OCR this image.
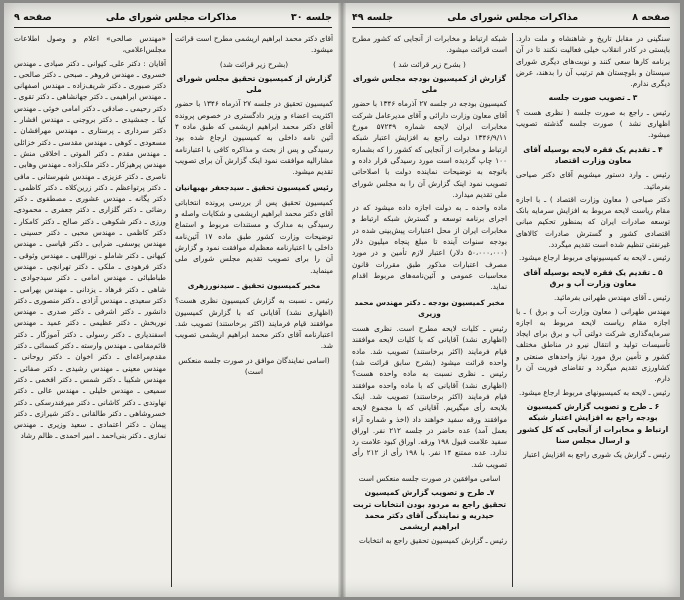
جلسه ۳۰
مذاکرات مجلس شورای ملی
صفحه ۹

آقای دکتر محمد ابراهیم اریشمی مطرح است قرائت میشود.

(بشرح زیر قرائت شد)

گزارش از کمیسیون تحقیق مجلس شورای ملی

کمیسیون تحقیق در جلسه ۲۷ آذرماه ۱۳۴۶ با حضور اکثریت اعضاء و وزیر دادگستری در خصوص پرونده آقای دکتر محمد ابراهیم اریشمی که طبق ماده ۴ آئین نامه داخلی به کمیسیون ارجاع شده بود رسیدگی و پس از بحث و مذاکره کافی با اعتبارنامه مشارالیه موافقت نمود اینک گزارش آن برای تصویب تقدیم میشود.

رئیس کمیسیون تحقیق ـ سید‌جعفر بهبهانیان

کمیسیون تحقیق پس از بررسی پرونده انتخاباتی آقای دکتر محمد ابراهیم اریشمی و شکایات واصله و رسیدگی به مدارک و مستندات مربوط و استماع توضیحات وزارت کشور طبق ماده ۱۷ آئین‌نامه داخلی با اعتبارنامه معظم‌له موافقت نمود و گزارش آن را برای تصویب تقدیم مجلس شورای ملی مینماید.

مخبر کمیسیون تحقیق ـ سید‌نور‌زهری

رئیس ـ نسبت به گزارش کمیسیون نظری هست؟ (اظهاری نشد) آقایانی که با گزارش کمیسیون موافقند قیام فرمایند (اکثر برخاستند) تصویب شد. اعتبارنامه آقای دکتر محمد ابراهیم اریشمی تصویب شد.

(اسامی نمایندگان موافق در صورت جلسه منعکس است)

«مهندس صالحی» اعلام و وصول اطلاعات مجلس‌اعلامی،

آقایان : دکتر علی‌ـ کیوانی ـ دکتر صیادی ـ مهندس خسروی ـ مهندس فروهر ـ صبحی ـ دکتر صالحی ـ دکتر صبوری ـ دکتر شریف‌زاده ـ مهندس اصفهانی ـ مهندس ابراهیمی ـ دکتر جهانشاهی ـ دکتر تقوی ـ دکتر رحیمی ـ صادقی ـ دکتر امامی خوئی ـ مهندس کیا ـ جمشیدی ـ دکتر بروجنی ـ مهندس افشار ـ دکتر سرداری ـ پرستاری ـ مهندس مهرافشان ـ مسعودی ـ کوهی ـ مهندس مقدسی ـ دکتر خزائلی ـ مهندس مقدم ـ دکتر الموتی ـ اخلاقی منش ـ مهندس پرهیزکار ـ دکتر ملک‌زاده ـ مهندس وهابی ـ ناصری ـ دکتر عزیزی ـ مهندس شهرستانی ـ مافی ـ دکتر پرتو‌اعظم ـ دکتر زرین‌کلاه ـ دکتر کاظمی ـ دکتر یگانه ـ مهندس عشوری ـ مصطفوی ـ دکتر رضائی ـ دکتر گلزاری ـ دکتر جعفری ـ محمودی‌ـ ورزی ـ دکتر شکوهی ـ دکتر صالح ـ دکتر کامکار ـ دکتر کاظمی ـ مهندس محبی ـ دکتر حسینی ـ مهندس یوسفی‌ـ ضرابی ـ دکتر قیاسی ـ مهندس کیهانی ـ دکتر شاملو ـ نوراللهی ـ مهندس وثوقی ـ دکتر فرهودی ـ ملکی ـ دکتر تهرانچی ـ مهندس طباطبائی ـ مهندس امامی ـ دکتر سیدجوادی ـ شاهی ـ دکتر فرهاد ـ یزدانی ـ مهندس بهرامی ـ دکتر سعیدی ـ مهندس آزادی ـ دکتر منصوری ـ دکتر دانشور ـ دکتر اشرفی ـ دکتر صدری ـ مهندس نوربخش ـ دکتر عظیمی ـ دکتر عمید ـ مهندس اسفندیاری ـ دکتر رسولی ـ دکتر آموزگار ـ دکتر قائم‌مقامی ـ مهندس وارسته ـ دکتر کسمائی ـ دکتر مقدم‌مراغه‌ای ـ دکتر اخوان ـ دکتر روحانی ـ مهندس معینی ـ مهندس رشیدی ـ دکتر صفائی ـ مهندس شکیبا ـ دکتر شمس ـ دکتر افخمی ـ دکتر سمیعی ـ مهندس خلیلی ـ مهندس عالی ـ دکتر نهاوندی ـ دکتر کاشانی ـ دکتر میرفندرسکی ـ دکتر خسروشاهی ـ دکتر طالقانی ـ دکتر شیرازی ـ دکتر پیمان ـ دکتر اعتمادی ـ سعید وزیری ـ مهندس نمازی ـ دکتر بنی‌احمد ـ امیر احمدی ـ ظالم رشاد

صفحه ۸
مذاکرات مجلس شورای ملی
جلسه ۴۹

سنگینی در مقابل تاریخ و شاهنشاه و ملت دارد. بایستی در کادر انقلاب خیلی فعالیت نکنند تا در آن برنامه کارها سعی کنند و نوبت‌های دیگری شورای سیستان و بلوچستان هم ترتیب آن را بدهند، عرض دیگری ندارم.

۳ ـ تصویب صورت جلسه

رئیس ـ راجع به صورت جلسه ( نظری هست ؟ اظهاری نشد ) صورت جلسه گذشته تصویب میشود.

۴ ـ تقدیم یک فقره لایحه بوسیله آقای معاون وزارت اقتصاد

رئیس ـ وارد دستور میشویم آقای دکتر صیاحی بفرمائید.

دکتر صیاحی ( معاون وزارت اقتصاد ) ـ با اجازه مقام ریاست لایحه مربوط به افزایش سرمایه بانک توسعه صادرات ایران که بمنظور تحکیم مبانی اقتصادی کشور و گسترش صادرات کالاهای غیرنفتی تنظیم شده است تقدیم میگردد.

رئیس ـ لایحه به کمیسیونهای مربوط ارجاع میشود.

۵ ـ تقدیم یک فقره لایحه بوسیله آقای معاون وزارت آب و برق

رئیس ـ آقای مهندس طهرانی بفرمائید.

مهندس طهرانی ( معاون وزارت آب و برق ) ـ با اجازه مقام ریاست لایحه مربوط به اجازه سرمایه‌گذاری شرکت دولتی آب و برق برای ایجاد تأسیسات تولید و انتقال نیرو در مناطق مختلف کشور و تأمین برق مورد نیاز واحدهای صنعتی و کشاورزی تقدیم میگردد و تقاضای فوریت آن را دارم.

رئیس ـ لایحه به کمیسیونهای مربوط ارجاع میشود.

۶ ـ طرح و تصویب گزارش کمیسیون بودجه راجع به افزایش اعتبار شبکه ارتباط و مخابرات از آنجایی که کل کشور و ارسال مجلس سنا

رئیس ـ گزارش یک شوری راجع به افزایش اعتبار

شبکه ارتباط و مخابرات از آنجایی که کشور مطرح است قرائت میشود.

( بشرح زیر قرائت شد )

گزارش از کمیسیون بودجه مجلس شورای ملی

کمیسیون بودجه در جلسه ۲۷ آذرماه ۱۳۴۶ با حضور آقای معاون وزارت دارائی و آقای مدیرعامل شرکت مخابرات ایران لایحه شماره ۵۷۲۴۹ مورخ ۱۳۴۶/۹/۱۱ دولت راجع به افزایش اعتبار شبکه ارتباط و مخابرات از آنجایی که کشور را که بشماره ۱۰۰ چاپ گردیده است مورد رسیدگی قرار داده و باتوجه به توضیحات نماینده دولت با اصلاحاتی تصویب نمود اینک گزارش آن را به مجلس شورای ملی تقدیم میدارد.

ماده واحده ـ به دولت اجازه داده میشود که در اجرای برنامه توسعه و گسترش شبکه ارتباط و مخابرات ایران از محل اعتبارات پیش‌بینی شده در بودجه سنوات آینده تا مبلغ پنجاه میلیون دلار (۵۰،۰۰۰،۰۰۰ دلار) اعتبار لازم تأمین و در مورد مصرف اعتبارات مذکور طبق مقررات قانون محاسبات عمومی و آئین‌نامه‌های مربوط اقدام نماید.

مخبر کمیسیون بودجه ـ دکتر مهندس محمد وزیری

رئیس ـ کلیات لایحه مطرح است. نظری هست (اظهاری نشد) آقایانی که با کلیات لایحه موافقند قیام فرمایند (اکثر برخاستند) تصویب شد. ماده واحده قرائت میشود (بشرح سابق قرائت شد) رئیس ـ نظری نسبت به ماده واحده هست؟ (اظهاری نشد) آقایانی که با ماده واحده موافقند قیام فرمایند (اکثر برخاستند) تصویب شد. اینک بلایحه رأی میگیریم. آقایانی که با مجموع لایحه موافقند ورقه سفید خواهند داد (اخذ و شماره آراء بعمل آمد) عده حاضر در جلسه ۲۱۲ نفر. اوراق سفید علامت قبول ۱۹۸ ورقه. اوراق کبود علامت رد ندارد. عده ممتنع ۱۴ نفر. با ۱۹۸ رأی از ۲۱۲ رأی تصویب شد.

اسامی موافقین در صورت جلسه منعکس است

۷ـ طرح و تصویب گزارش کمیسیون تحقیق راجع به مردود بودن انتخابات تربت حیدریه و نمایندگی آقای دکتر محمد ابراهیم اریشمی

رئیس ـ گزارش کمیسیون تحقیق راجع به انتخابات
